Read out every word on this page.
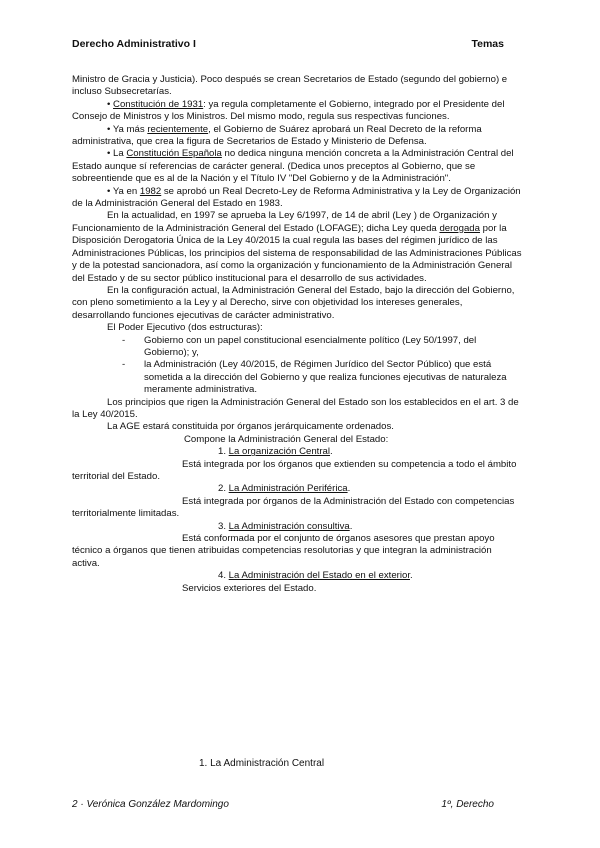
Derecho Administrativo I	Temas

Ministro de Gracia y Justicia). Poco después se crean Secretarios de Estado (segundo del gobierno) e incluso Subsecretarías.

• Constitución de 1931: ya regula completamente el Gobierno, integrado por el Presidente del Consejo de Ministros y los Ministros. Del mismo modo, regula sus respectivas funciones.

• Ya más recientemente, el Gobierno de Suárez aprobará un Real Decreto de la reforma administrativa, que crea la figura de Secretarios de Estado y Ministerio de Defensa.

• La Constitución Española no dedica ninguna mención concreta a la Administración Central del Estado aunque sí referencias de carácter general. (Dedica unos preceptos al Gobierno, que se sobreentiende que es al de la Nación y el Título IV "Del Gobierno y de la Administración".

• Ya en 1982 se aprobó un Real Decreto-Ley de Reforma Administrativa y la Ley de Organización de la Administración General del Estado en 1983.

En la actualidad, en 1997 se aprueba la Ley 6/1997, de 14 de abril (Ley ) de Organización y Funcionamiento de la Administración General del Estado (LOFAGE); dicha Ley queda derogada por la Disposición Derogatoria Única de la Ley 40/2015 la cual regula las bases del régimen jurídico de las Administraciones Públicas, los principios del sistema de responsabilidad de las Administraciones Públicas y de la potestad sancionadora, así como la organización y funcionamiento de la Administración General del Estado y de su sector público institucional para el desarrollo de sus actividades.

En la configuración actual, la Administración General del Estado, bajo la dirección del Gobierno, con pleno sometimiento a la Ley y al Derecho, sirve con objetividad los intereses generales, desarrollando funciones ejecutivas de carácter administrativo.

El Poder Ejecutivo (dos estructuras):

- Gobierno con un papel constitucional esencialmente político (Ley 50/1997, del Gobierno); y,

- la Administración (Ley 40/2015, de Régimen Jurídico del Sector Público) que está sometida a la dirección del Gobierno y que realiza funciones ejecutivas de naturaleza meramente administrativa.

Los principios que rigen la Administración General del Estado son los establecidos en el art. 3 de la Ley 40/2015.

La AGE estará constituida por órganos jerárquicamente ordenados.

Compone la Administración General del Estado:

1. La organización Central.

Está integrada por los órganos que extienden su competencia a todo el ámbito territorial del Estado.

2. La Administración Periférica.

Está integrada por órganos de la Administración del Estado con competencias territorialmente limitadas.

3. La Administración consultiva.

Está conformada por el conjunto de órganos asesores que prestan apoyo técnico a órganos que tienen atribuidas competencias resolutorias y que integran la administración activa.

4. La Administración del Estado en el exterior.

Servicios exteriores del Estado.

1. La Administración Central
2 · Verónica González Mardomingo	1º, Derecho
